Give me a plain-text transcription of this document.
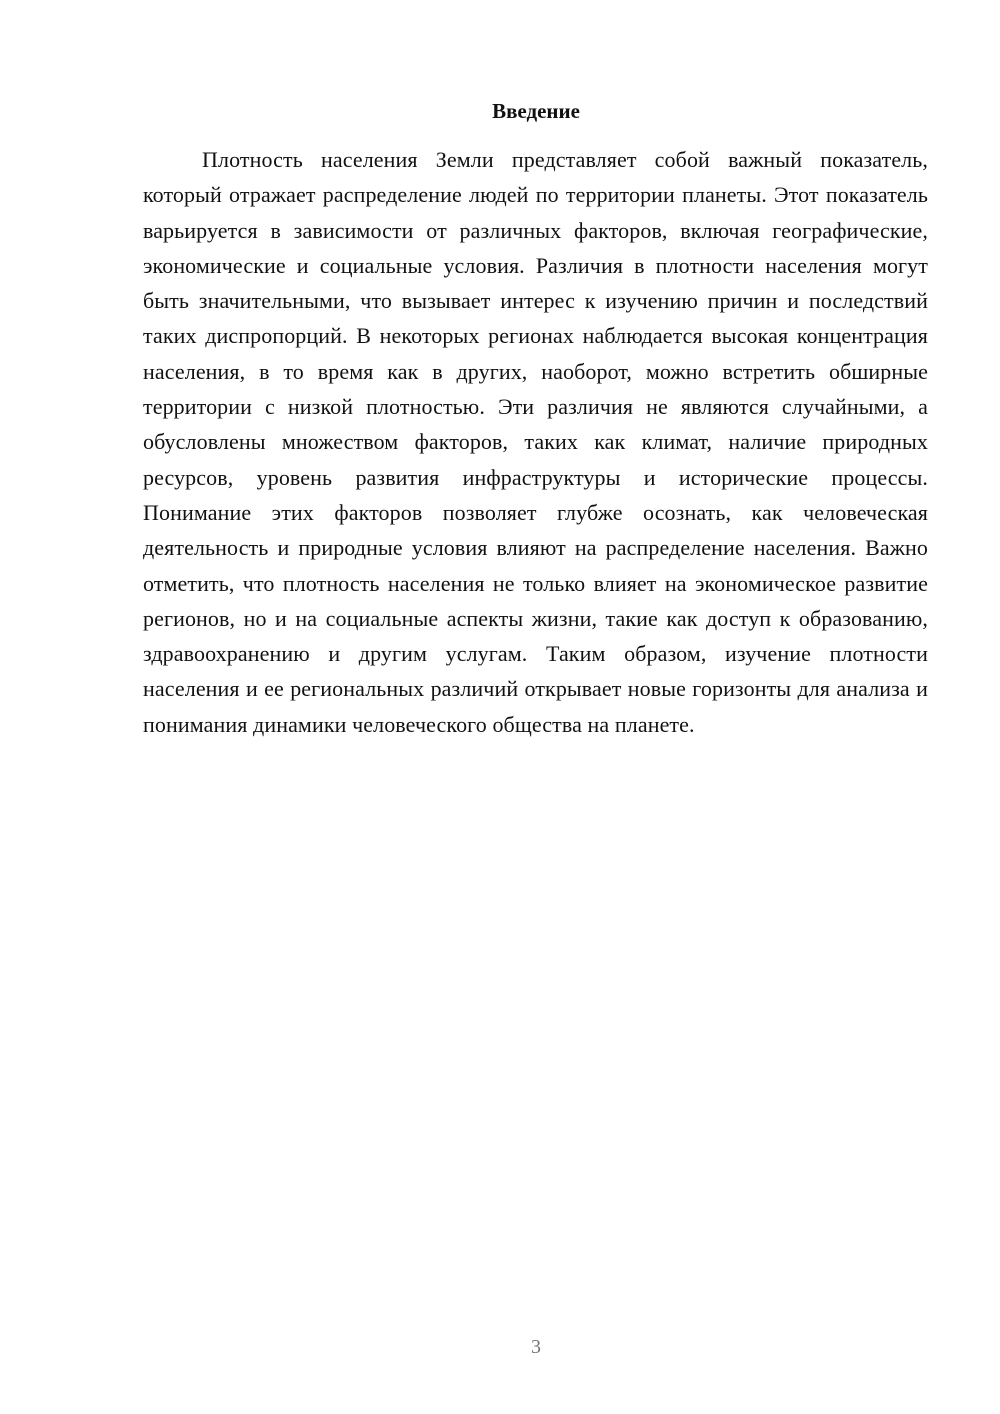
Введение

Плотность населения Земли представляет собой важный показатель, который отражает распределение людей по территории планеты. Этот показатель варьируется в зависимости от различных факторов, включая географические, экономические и социальные условия. Различия в плотности населения могут быть значительными, что вызывает интерес к изучению причин и последствий таких диспропорций. В некоторых регионах наблюдается высокая концентрация населения, в то время как в других, наоборот, можно встретить обширные территории с низкой плотностью. Эти различия не являются случайными, а обусловлены множеством факторов, таких как климат, наличие природных ресурсов, уровень развития инфраструктуры и исторические процессы. Понимание этих факторов позволяет глубже осознать, как человеческая деятельность и природные условия влияют на распределение населения. Важно отметить, что плотность населения не только влияет на экономическое развитие регионов, но и на социальные аспекты жизни, такие как доступ к образованию, здравоохранению и другим услугам. Таким образом, изучение плотности населения и ее региональных различий открывает новые горизонты для анализа и понимания динамики человеческого общества на планете.

3
